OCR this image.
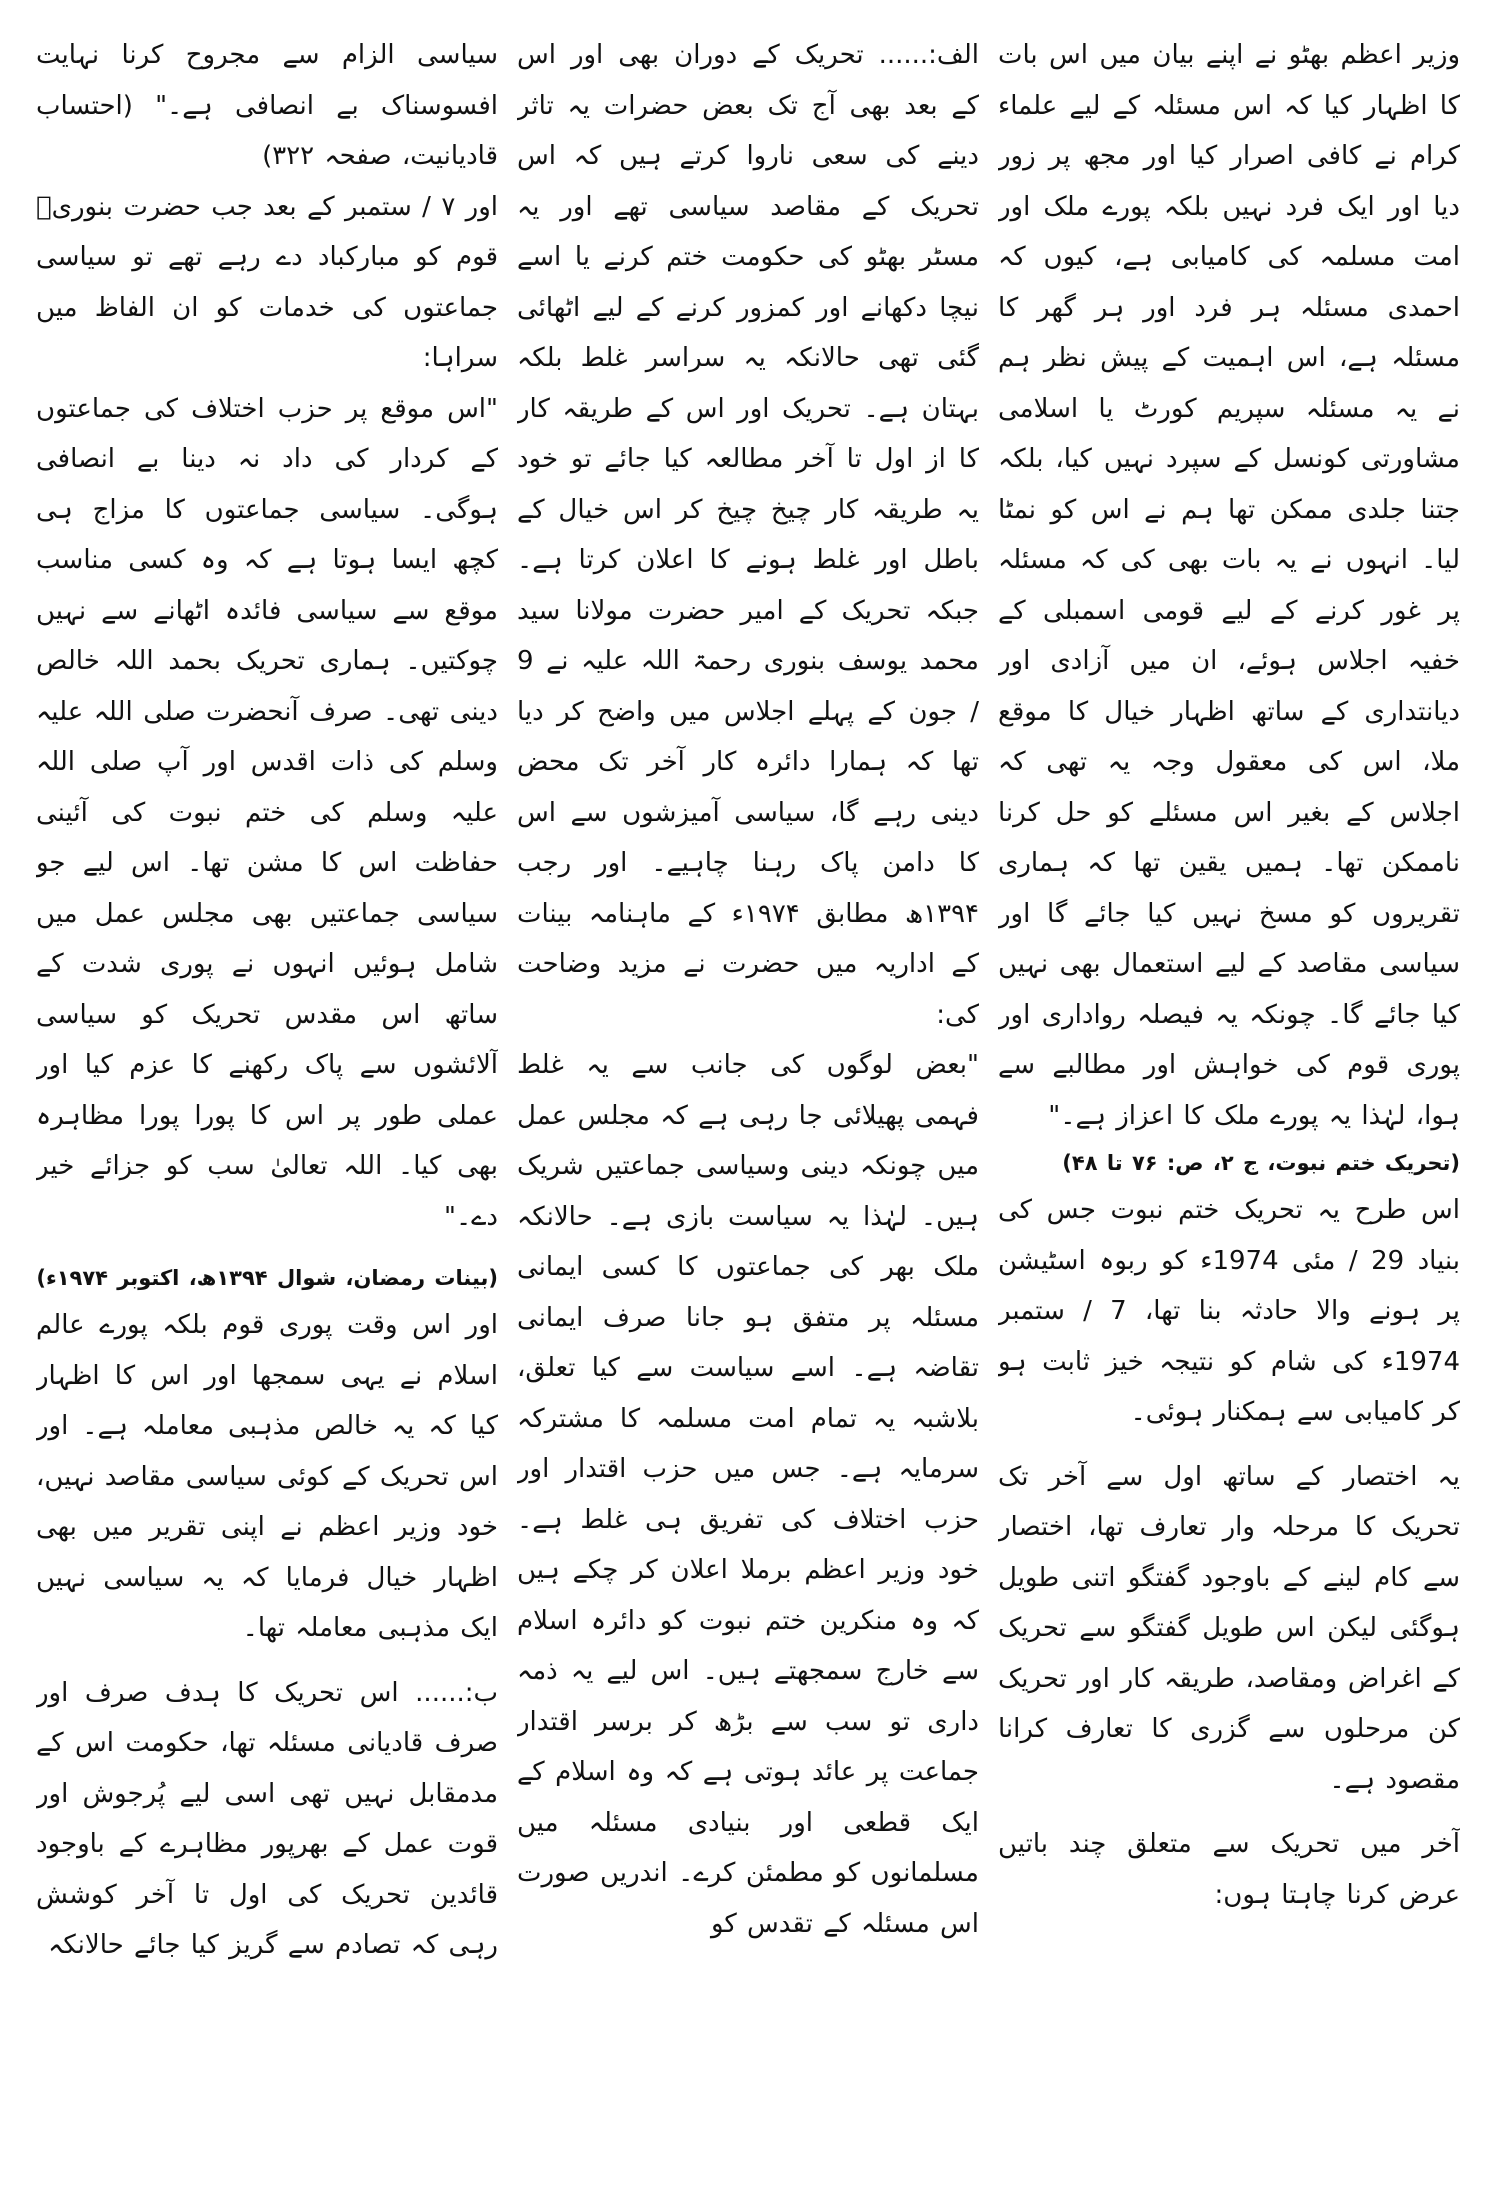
وزیر اعظم بھٹو نے اپنے بیان میں اس بات کا اظہار کیا کہ اس مسئلہ کے لیے علماء کرام نے کافی اصرار کیا اور مجھ پر زور دیا اور ایک فرد نہیں بلکہ پورے ملک اور امت مسلمہ کی کامیابی ہے، کیوں کہ احمدی مسئلہ ہر فرد اور ہر گھر کا مسئلہ ہے، اس اہمیت کے پیش نظر ہم نے یہ مسئلہ سپریم کورٹ یا اسلامی مشاورتی کونسل کے سپرد نہیں کیا، بلکہ جتنا جلدی ممکن تھا ہم نے اس کو نمٹا لیا۔ انہوں نے یہ بات بھی کی کہ مسئلہ پر غور کرنے کے لیے قومی اسمبلی کے خفیہ اجلاس ہوئے، ان میں آزادی اور دیانتداری کے ساتھ اظہار خیال کا موقع ملا، اس کی معقول وجہ یہ تھی کہ اجلاس کے بغیر اس مسئلے کو حل کرنا ناممکن تھا۔ ہمیں یقین تھا کہ ہماری تقریروں کو مسخ نہیں کیا جائے گا اور سیاسی مقاصد کے لیے استعمال بھی نہیں کیا جائے گا۔ چونکہ یہ فیصلہ رواداری اور پوری قوم کی خواہش اور مطالبے سے ہوا، لہٰذا یہ پورے ملک کا اعزاز ہے۔"

(تحریک ختم نبوت، ج ۲، ص: ۷۶ تا ۴۸)

اس طرح یہ تحریک ختم نبوت جس کی بنیاد 29 / مئی 1974ء کو ربوہ اسٹیشن پر ہونے والا حادثہ بنا تھا، 7 / ستمبر 1974ء کی شام کو نتیجہ خیز ثابت ہو کر کامیابی سے ہمکنار ہوئی۔

یہ اختصار کے ساتھ اول سے آخر تک تحریک کا مرحلہ وار تعارف تھا، اختصار سے کام لینے کے باوجود گفتگو اتنی طویل ہوگئی لیکن اس طویل گفتگو سے تحریک کے اغراض ومقاصد، طریقہ کار اور تحریک کن مرحلوں سے گزری کا تعارف کرانا مقصود ہے۔

آخر میں تحریک سے متعلق چند باتیں عرض کرنا چاہتا ہوں:

الف:...... تحریک کے دوران بھی اور اس کے بعد بھی آج تک بعض حضرات یہ تاثر دینے کی سعی ناروا کرتے ہیں کہ اس تحریک کے مقاصد سیاسی تھے اور یہ مسٹر بھٹو کی حکومت ختم کرنے یا اسے نیچا دکھانے اور کمزور کرنے کے لیے اٹھائی گئی تھی حالانکہ یہ سراسر غلط بلکہ بہتان ہے۔ تحریک اور اس کے طریقہ کار کا از اول تا آخر مطالعہ کیا جائے تو خود یہ طریقہ کار چیخ چیخ کر اس خیال کے باطل اور غلط ہونے کا اعلان کرتا ہے۔ جبکہ تحریک کے امیر حضرت مولانا سید محمد یوسف بنوری رحمۃ اللہ علیہ نے 9 / جون کے پہلے اجلاس میں واضح کر دیا تھا کہ ہمارا دائرہ کار آخر تک محض دینی رہے گا، سیاسی آمیزشوں سے اس کا دامن پاک رہنا چاہیے۔ اور رجب ۱۳۹۴ھ مطابق ۱۹۷۴ء کے ماہنامہ بینات کے اداریہ میں حضرت نے مزید وضاحت کی:

"بعض لوگوں کی جانب سے یہ غلط فہمی پھیلائی جا رہی ہے کہ مجلس عمل میں چونکہ دینی وسیاسی جماعتیں شریک ہیں۔ لہٰذا یہ سیاست بازی ہے۔ حالانکہ ملک بھر کی جماعتوں کا کسی ایمانی مسئلہ پر متفق ہو جانا صرف ایمانی تقاضہ ہے۔ اسے سیاست سے کیا تعلق، بلاشبہ یہ تمام امت مسلمہ کا مشترکہ سرمایہ ہے۔ جس میں حزب اقتدار اور حزب اختلاف کی تفریق ہی غلط ہے۔ خود وزیر اعظم برملا اعلان کر چکے ہیں کہ وہ منکرین ختم نبوت کو دائرہ اسلام سے خارج سمجھتے ہیں۔ اس لیے یہ ذمہ داری تو سب سے بڑھ کر برسر اقتدار جماعت پر عائد ہوتی ہے کہ وہ اسلام کے ایک قطعی اور بنیادی مسئلہ میں مسلمانوں کو مطمئن کرے۔ اندریں صورت اس مسئلہ کے تقدس کو

سیاسی الزام سے مجروح کرنا نہایت افسوسناک بے انصافی ہے۔" (احتساب قادیانیت، صفحہ ۳۲۲)

اور ۷ / ستمبر کے بعد جب حضرت بنوریؒ قوم کو مبارکباد دے رہے تھے تو سیاسی جماعتوں کی خدمات کو ان الفاظ میں سراہا:

"اس موقع پر حزب اختلاف کی جماعتوں کے کردار کی داد نہ دینا بے انصافی ہوگی۔ سیاسی جماعتوں کا مزاج ہی کچھ ایسا ہوتا ہے کہ وہ کسی مناسب موقع سے سیاسی فائدہ اٹھانے سے نہیں چوکتیں۔ ہماری تحریک بحمد اللہ خالص دینی تھی۔ صرف آنحضرت صلی اللہ علیہ وسلم کی ذات اقدس اور آپ صلی اللہ علیہ وسلم کی ختم نبوت کی آئینی حفاظت اس کا مشن تھا۔ اس لیے جو سیاسی جماعتیں بھی مجلس عمل میں شامل ہوئیں انہوں نے پوری شدت کے ساتھ اس مقدس تحریک کو سیاسی آلائشوں سے پاک رکھنے کا عزم کیا اور عملی طور پر اس کا پورا پورا مظاہرہ بھی کیا۔ اللہ تعالیٰ سب کو جزائے خیر دے۔"

(بینات رمضان، شوال ۱۳۹۴ھ، اکتوبر ۱۹۷۴ء)

اور اس وقت پوری قوم بلکہ پورے عالم اسلام نے یہی سمجھا اور اس کا اظہار کیا کہ یہ خالص مذہبی معاملہ ہے۔ اور اس تحریک کے کوئی سیاسی مقاصد نہیں، خود وزیر اعظم نے اپنی تقریر میں بھی اظہار خیال فرمایا کہ یہ سیاسی نہیں ایک مذہبی معاملہ تھا۔

ب:...... اس تحریک کا ہدف صرف اور صرف قادیانی مسئلہ تھا، حکومت اس کے مدمقابل نہیں تھی اسی لیے پُرجوش اور قوت عمل کے بھرپور مظاہرے کے باوجود قائدین تحریک کی اول تا آخر کوشش رہی کہ تصادم سے گریز کیا جائے حالانکہ
